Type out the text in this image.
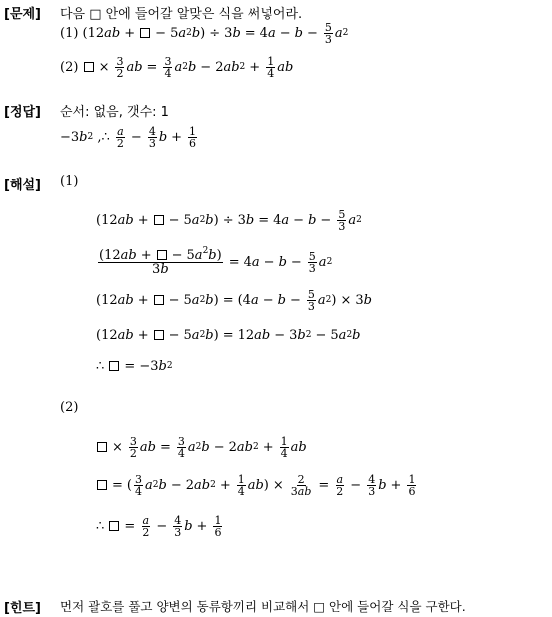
[문제] 다음 □ 안에 들어갈 알맞은 식을 써넣어라.
(1) (12 ab + − 5 a 2 b ) ÷ 3 b = 4 $a - b - \frac{5}{3}$ a 2
(2)
× $\frac{3}{2}$ ab = $\frac{3}{4}$ a 2 b − 2 ab $2 + \frac{1}{4}$ ab
[정답] 순서: 없음, 갯수: 1
−3 b 2 ,∴ $\frac{a}{2} - \frac{4}{3}$ $b + \frac{1}{6}$
[해설] (1)
(12 ab + − 5 a 2 b ) ÷ 3 b = 4 $a - b - \frac{5}{3}$ a 2
$\frac{(12ab + - 5a^2b)}{3b} = 4$ $a - b - \frac{5}{3}$ a 2
(12 ab + − 5 a 2 b ) = (4 $a - b - \frac{5}{3}$ a 2 ) × 3 b
(12 ab + − 5 a 2 b ) = 12 ab − 3 b 2 − 5 a 2 b
∴ = −3 b 2
(2)
× $\frac{3}{2}$ ab = $\frac{3}{4}$ a 2 b − 2 ab $2 + \frac{1}{4}$ ab
= ( $\frac{3}{4}$ a 2 b − 2 ab $2 + \frac{1}{4}$ ab ) × $\frac{2}{3ab} = \frac{a}{2} - \frac{4}{3}$ $b + \frac{1}{6}$
∴ = $\frac{a}{2} - \frac{4}{3}$ $b + \frac{1}{6}$
[힌트] 먼저 괄호를 풀고 양변의 동류항끼리 비교해서 □ 안에 들어갈 식을 구한다.
